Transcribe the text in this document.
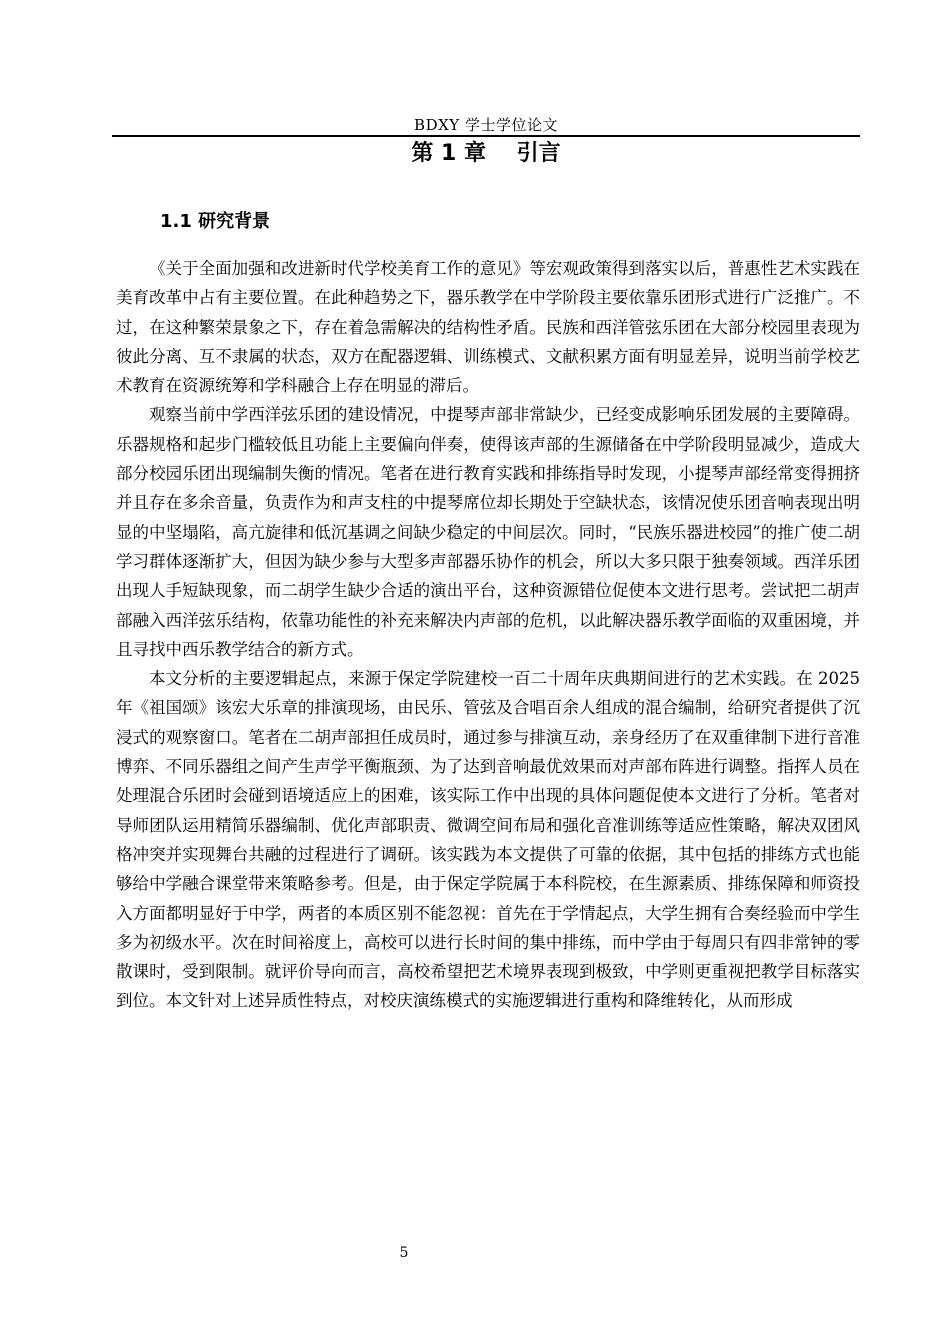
BDXY 学士学位论文
第 1 章    引言
1.1 研究背景

《关于全面加强和改进新时代学校美育工作的意见》等宏观政策得到落实以后，普惠性艺术实践在美育改革中占有主要位置。在此种趋势之下，器乐教学在中学阶段主要依靠乐团形式进行广泛推广。不过，在这种繁荣景象之下，存在着急需解决的结构性矛盾。民族和西洋管弦乐团在大部分校园里表现为彼此分离、互不隶属的状态，双方在配器逻辑、训练模式、文献积累方面有明显差异，说明当前学校艺术教育在资源统筹和学科融合上存在明显的滞后。

观察当前中学西洋弦乐团的建设情况，中提琴声部非常缺少，已经变成影响乐团发展的主要障碍。乐器规格和起步门槛较低且功能上主要偏向伴奏，使得该声部的生源储备在中学阶段明显减少，造成大部分校园乐团出现编制失衡的情况。笔者在进行教育实践和排练指导时发现，小提琴声部经常变得拥挤并且存在多余音量，负责作为和声支柱的中提琴席位却长期处于空缺状态，该情况使乐团音响表现出明显的中坚塌陷，高亢旋律和低沉基调之间缺少稳定的中间层次。同时，“民族乐器进校园”的推广使二胡学习群体逐渐扩大，但因为缺少参与大型多声部器乐协作的机会，所以大多只限于独奏领域。西洋乐团出现人手短缺现象，而二胡学生缺少合适的演出平台，这种资源错位促使本文进行思考。尝试把二胡声部融入西洋弦乐结构，依靠功能性的补充来解决内声部的危机，以此解决器乐教学面临的双重困境，并且寻找中西乐教学结合的新方式。

本文分析的主要逻辑起点，来源于保定学院建校一百二十周年庆典期间进行的艺术实践。在 2025 年《祖国颂》该宏大乐章的排演现场，由民乐、管弦及合唱百余人组成的混合编制，给研究者提供了沉浸式的观察窗口。笔者在二胡声部担任成员时，通过参与排演互动，亲身经历了在双重律制下进行音准博弈、不同乐器组之间产生声学平衡瓶颈、为了达到音响最优效果而对声部布阵进行调整。指挥人员在处理混合乐团时会碰到语境适应上的困难，该实际工作中出现的具体问题促使本文进行了分析。笔者对导师团队运用精简乐器编制、优化声部职责、微调空间布局和强化音准训练等适应性策略，解决双团风格冲突并实现舞台共融的过程进行了调研。该实践为本文提供了可靠的依据，其中包括的排练方式也能够给中学融合课堂带来策略参考。但是，由于保定学院属于本科院校，在生源素质、排练保障和师资投入方面都明显好于中学，两者的本质区别不能忽视：首先在于学情起点，大学生拥有合奏经验而中学生多为初级水平。次在时间裕度上，高校可以进行长时间的集中排练，而中学由于每周只有四非常钟的零散课时，受到限制。就评价导向而言，高校希望把艺术境界表现到极致，中学则更重视把教学目标落实到位。本文针对上述异质性特点，对校庆演练模式的实施逻辑进行重构和降维转化，从而形成

5
